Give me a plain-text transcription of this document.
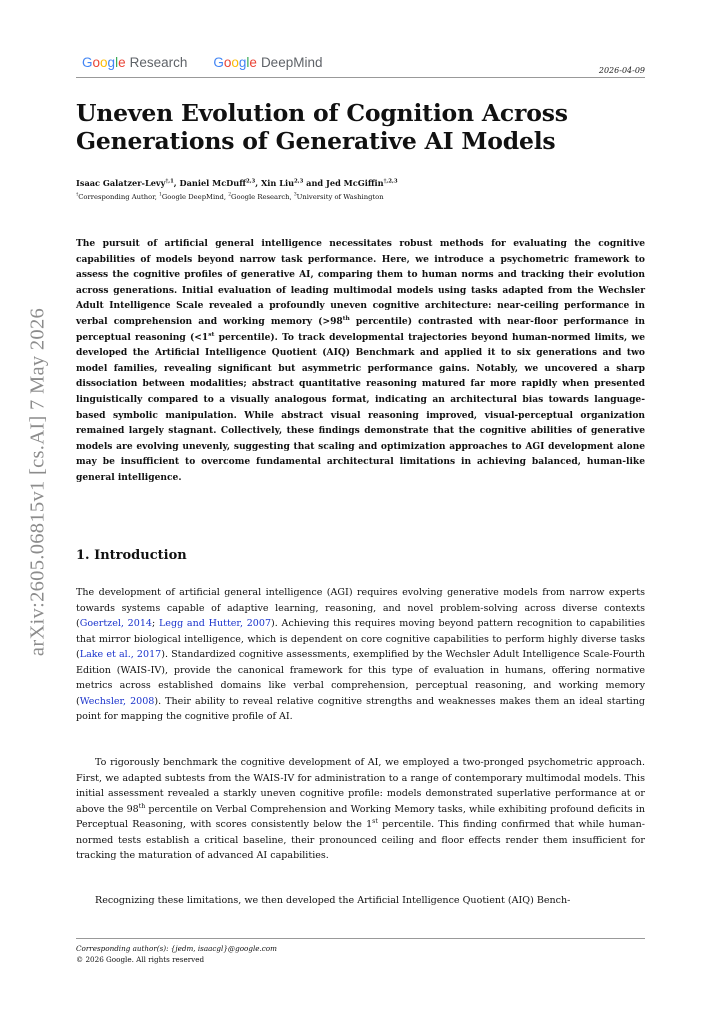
Google Research Google DeepMind
2026-04-09
arXiv:2605.06815v1 [cs.AI] 7 May 2026
Uneven Evolution of Cognition Across Generations of Generative AI Models
Isaac Galatzer-Levy$^{\dagger,1}$, Daniel McDuff$^{2,3}$, Xin Liu$^{2,3}$ and Jed McGiffin$^{\dagger,2,3}$
†Corresponding Author, $^1$Google DeepMind, $^2$Google Research, $^3$University of Washington

The pursuit of artificial general intelligence necessitates robust methods for evaluating the cognitive capabilities of models beyond narrow task performance. Here, we introduce a psychometric framework to assess the cognitive profiles of generative AI, comparing them to human norms and tracking their evolution across generations. Initial evaluation of leading multimodal models using tasks adapted from the Wechsler Adult Intelligence Scale revealed a profoundly uneven cognitive architecture: near-ceiling performance in verbal comprehension and working memory (>98th percentile) contrasted with near-floor performance in perceptual reasoning (<1st percentile). To track developmental trajectories beyond human-normed limits, we developed the Artificial Intelligence Quotient (AIQ) Benchmark and applied it to six generations and two model families, revealing significant but asymmetric performance gains. Notably, we uncovered a sharp dissociation between modalities; abstract quantitative reasoning matured far more rapidly when presented linguistically compared to a visually analogous format, indicating an architectural bias towards language-based symbolic manipulation. While abstract visual reasoning improved, visual-perceptual organization remained largely stagnant. Collectively, these findings demonstrate that the cognitive abilities of generative models are evolving unevenly, suggesting that scaling and optimization approaches to AGI development alone may be insufficient to overcome fundamental architectural limitations in achieving balanced, human-like general intelligence.

1. Introduction

The development of artificial general intelligence (AGI) requires evolving generative models from narrow experts towards systems capable of adaptive learning, reasoning, and novel problem-solving across diverse contexts (Goertzel, 2014; Legg and Hutter, 2007). Achieving this requires moving beyond pattern recognition to capabilities that mirror biological intelligence, which is dependent on core cognitive capabilities to perform highly diverse tasks (Lake et al., 2017). Standardized cognitive assessments, exemplified by the Wechsler Adult Intelligence Scale-Fourth Edition (WAIS-IV), provide the canonical framework for this type of evaluation in humans, offering normative metrics across established domains like verbal comprehension, perceptual reasoning, and working memory (Wechsler, 2008). Their ability to reveal relative cognitive strengths and weaknesses makes them an ideal starting point for mapping the cognitive profile of AI.

To rigorously benchmark the cognitive development of AI, we employed a two-pronged psychometric approach. First, we adapted subtests from the WAIS-IV for administration to a range of contemporary multimodal models. This initial assessment revealed a starkly uneven cognitive profile: models demonstrated superlative performance at or above the 98th percentile on Verbal Comprehension and Working Memory tasks, while exhibiting profound deficits in Perceptual Reasoning, with scores consistently below the 1st percentile. This finding confirmed that while human-normed tests establish a critical baseline, their pronounced ceiling and floor effects render them insufficient for tracking the maturation of advanced AI capabilities.

Recognizing these limitations, we then developed the Artificial Intelligence Quotient (AIQ) Bench-

Corresponding author(s): {jedm, isaacgl}@google.com
© 2026 Google. All rights reserved
